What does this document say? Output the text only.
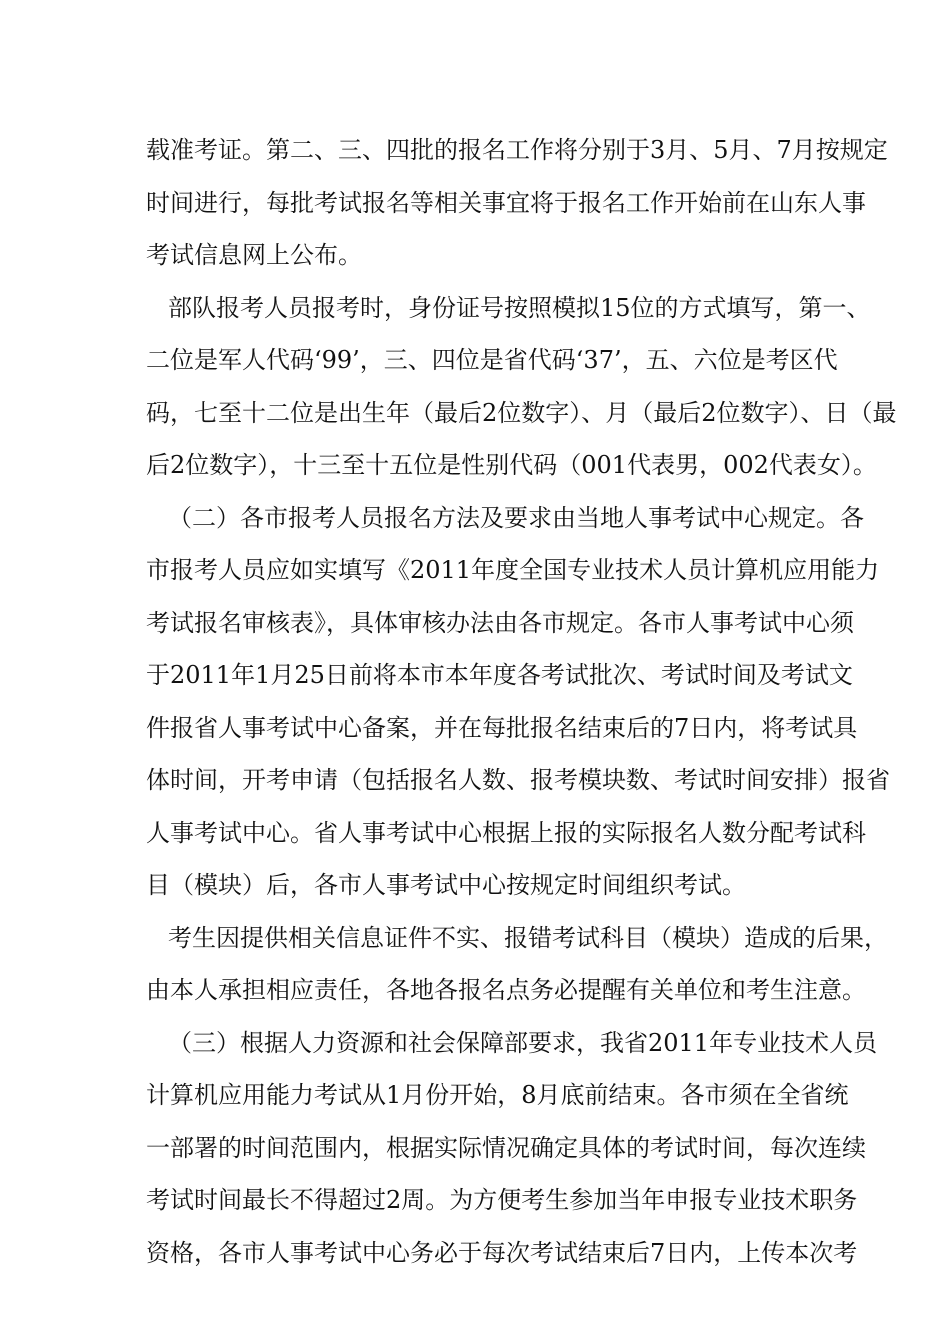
载准考证。第二、三、四批的报名工作将分别于3月、5月、7月按规定
时间进行，每批考试报名等相关事宜将于报名工作开始前在山东人事
考试信息网上公布。
部队报考人员报考时，身份证号按照模拟15位的方式填写，第一、
二位是军人代码‘99’，三、四位是省代码‘37’，五、六位是考区代
码，七至十二位是出生年（最后2位数字）、月（最后2位数字）、日（最
后2位数字），十三至十五位是性别代码（001代表男，002代表女）。
（二）各市报考人员报名方法及要求由当地人事考试中心规定。各
市报考人员应如实填写《2011年度全国专业技术人员计算机应用能力
考试报名审核表》，具体审核办法由各市规定。各市人事考试中心须
于2011年1月25日前将本市本年度各考试批次、考试时间及考试文
件报省人事考试中心备案，并在每批报名结束后的7日内，将考试具
体时间，开考申请（包括报名人数、报考模块数、考试时间安排）报省
人事考试中心。省人事考试中心根据上报的实际报名人数分配考试科
目（模块）后，各市人事考试中心按规定时间组织考试。
考生因提供相关信息证件不实、报错考试科目（模块）造成的后果，
由本人承担相应责任，各地各报名点务必提醒有关单位和考生注意。
（三）根据人力资源和社会保障部要求，我省2011年专业技术人员
计算机应用能力考试从1月份开始，8月底前结束。各市须在全省统
一部署的时间范围内，根据实际情况确定具体的考试时间，每次连续
考试时间最长不得超过2周。为方便考生参加当年申报专业技术职务
资格，各市人事考试中心务必于每次考试结束后7日内，上传本次考
